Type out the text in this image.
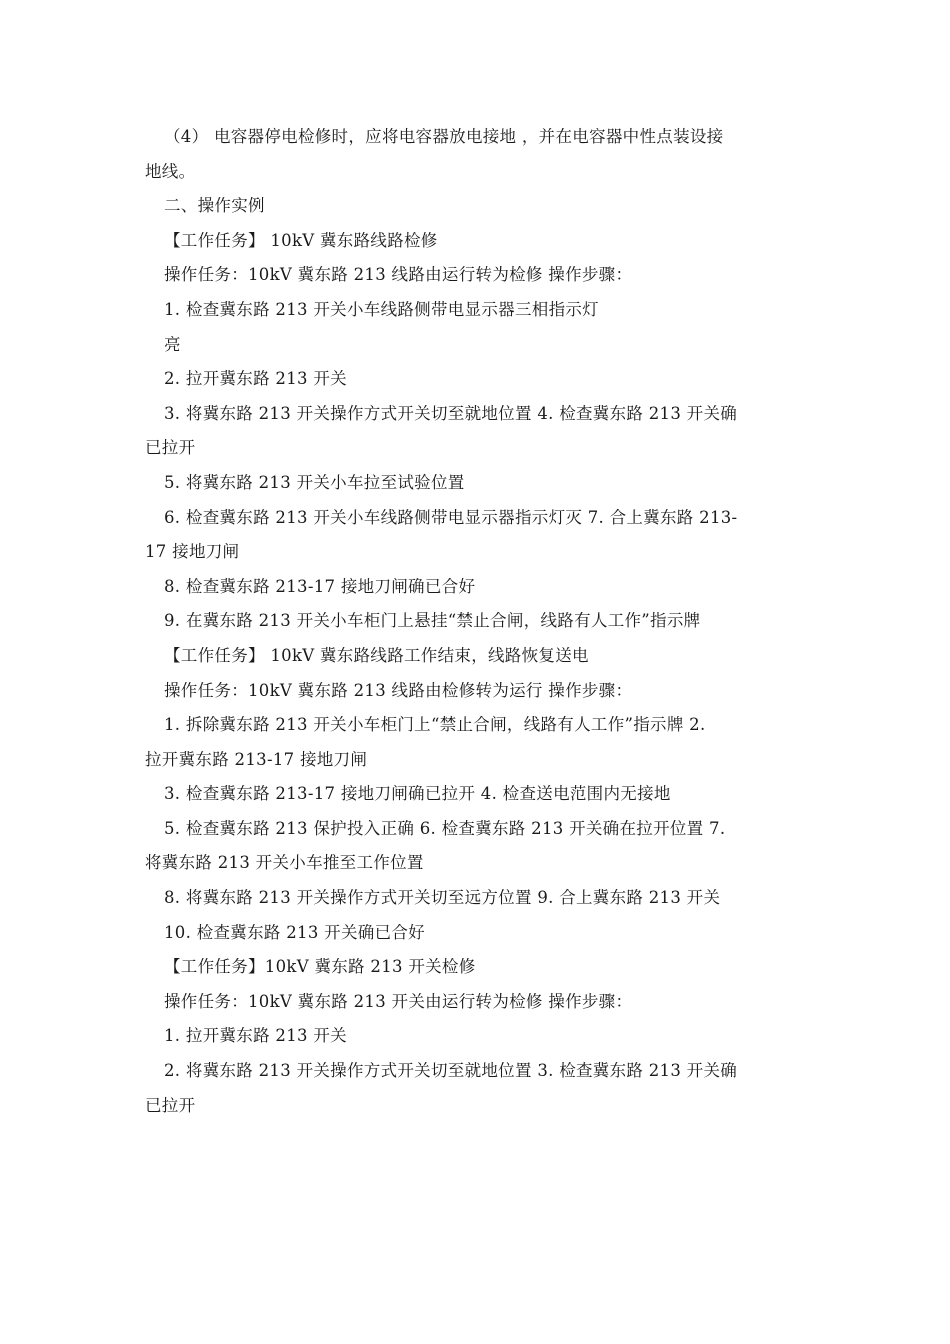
（4） 电容器停电检修时，应将电容器放电接地 ，并在电容器中性点装设接
地线。
二、操作实例
【工作任务】 10kV 冀东路线路检修
操作任务：10kV 冀东路 213 线路由运行转为检修 操作步骤：
1. 检查冀东路 213 开关小车线路侧带电显示器三相指示灯
亮
2. 拉开冀东路 213 开关
3. 将冀东路 213 开关操作方式开关切至就地位置 4. 检查冀东路 213 开关确
已拉开
5. 将冀东路 213 开关小车拉至试验位置
6. 检查冀东路 213 开关小车线路侧带电显示器指示灯灭 7. 合上冀东路 213-
17 接地刀闸
8. 检查冀东路 213-17 接地刀闸确已合好
9. 在冀东路 213 开关小车柜门上悬挂“禁止合闸，线路有人工作”指示牌
【工作任务】 10kV 冀东路线路工作结束，线路恢复送电
操作任务：10kV 冀东路 213 线路由检修转为运行 操作步骤：
1. 拆除冀东路 213 开关小车柜门上“禁止合闸，线路有人工作”指示牌 2.
拉开冀东路 213-17 接地刀闸
3. 检查冀东路 213-17 接地刀闸确已拉开 4. 检查送电范围内无接地
5. 检查冀东路 213 保护投入正确 6. 检查冀东路 213 开关确在拉开位置 7.
将冀东路 213 开关小车推至工作位置
8. 将冀东路 213 开关操作方式开关切至远方位置 9. 合上冀东路 213 开关
10. 检查冀东路 213 开关确已合好
【工作任务】10kV 冀东路 213 开关检修
操作任务：10kV 冀东路 213 开关由运行转为检修 操作步骤：
1. 拉开冀东路 213 开关
2. 将冀东路 213 开关操作方式开关切至就地位置 3. 检查冀东路 213 开关确
已拉开
